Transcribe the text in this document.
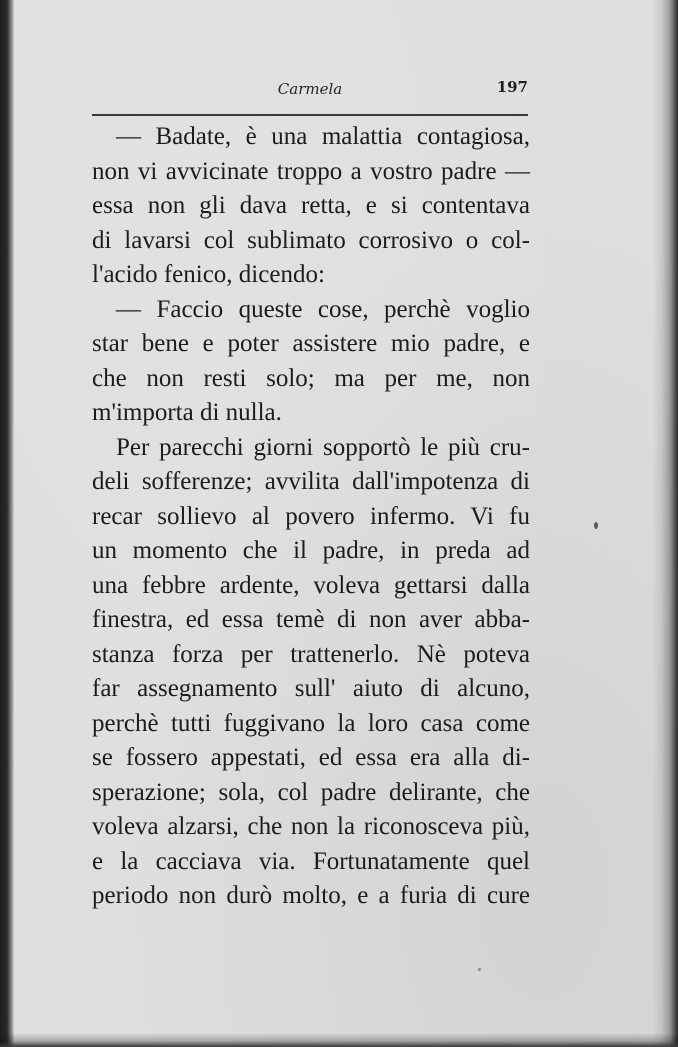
Carmela	197
— Badate, è una malattia contagiosa,
non vi avvicinate troppo a vostro padre —
essa non gli dava retta, e si contentava
di lavarsi col sublimato corrosivo o col-
l'acido fenico, dicendo:
— Faccio queste cose, perchè voglio
star bene e poter assistere mio padre, e
che non resti solo; ma per me, non
m'importa di nulla.
Per parecchi giorni sopportò le più cru-
deli sofferenze; avvilita dall'impotenza di
recar sollievo al povero infermo. Vi fu
un momento che il padre, in preda ad
una febbre ardente, voleva gettarsi dalla
finestra, ed essa temè di non aver abba-
stanza forza per trattenerlo. Nè poteva
far assegnamento sull' aiuto di alcuno,
perchè tutti fuggivano la loro casa come
se fossero appestati, ed essa era alla di-
sperazione; sola, col padre delirante, che
voleva alzarsi, che non la riconosceva più,
e la cacciava via. Fortunatamente quel
periodo non durò molto, e a furia di cure
